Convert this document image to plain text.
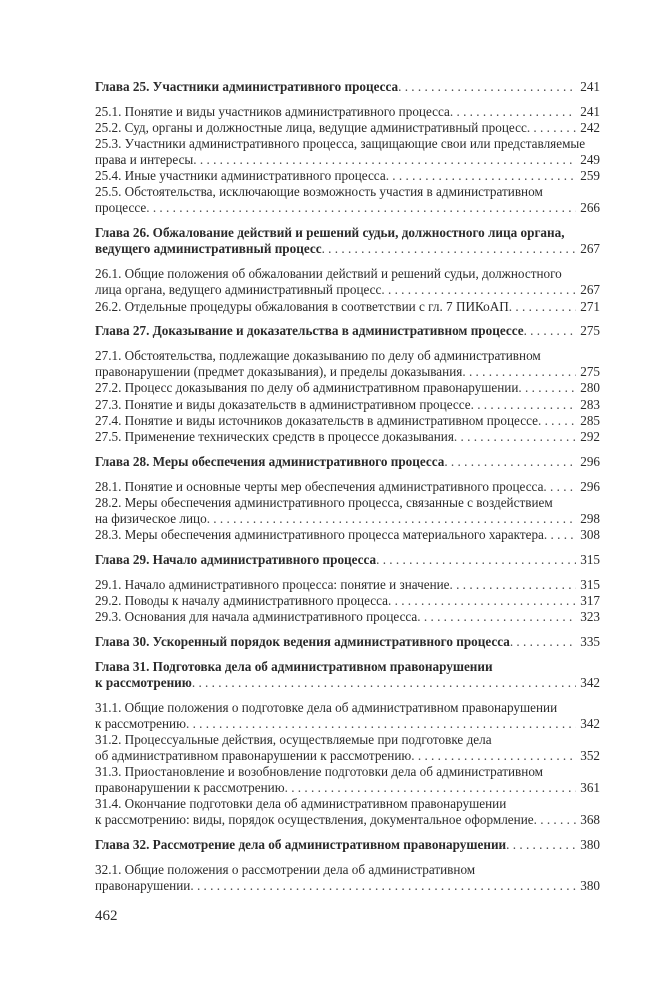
Глава 25. Участники административного процесса . . .	241
25.1. Понятие и виды участников административного процесса . . .	241
25.2. Суд, органы и должностные лица, ведущие административный процесс . . .	242
25.3. Участники административного процесса, защищающие свои или представляемые
права и интересы . . .	249
25.4. Иные участники административного процесса . . .	259
25.5. Обстоятельства, исключающие возможность участия в административном
процессе . . .	266
Глава 26. Обжалование действий и решений судьи, должностного лица органа,
ведущего административный процесс . . .	267
26.1. Общие положения об обжаловании действий и решений судьи, должностного
лица органа, ведущего административный процесс . . .	267
26.2. Отдельные процедуры обжалования в соответствии с гл. 7 ПИКоАП . . .	271
Глава 27. Доказывание и доказательства в административном процессе . . .	275
27.1. Обстоятельства, подлежащие доказыванию по делу об административном
правонарушении (предмет доказывания), и пределы доказывания . . .	275
27.2. Процесс доказывания по делу об административном правонарушении . . .	280
27.3. Понятие и виды доказательств в административном процессе . . .	283
27.4. Понятие и виды источников доказательств в административном процессе . . .	285
27.5. Применение технических средств в процессе доказывания . . .	292
Глава 28. Меры обеспечения административного процесса . . .	296
28.1. Понятие и основные черты мер обеспечения административного процесса . . .	296
28.2. Меры обеспечения административного процесса, связанные с воздействием
на физическое лицо . . .	298
28.3. Меры обеспечения административного процесса материального характера . . .	308
Глава 29. Начало административного процесса . . .	315
29.1. Начало административного процесса: понятие и значение . . .	315
29.2. Поводы к началу административного процесса . . .	317
29.3. Основания для начала административного процесса . . .	323
Глава 30. Ускоренный порядок ведения административного процесса . . .	335
Глава 31. Подготовка дела об административном правонарушении
к рассмотрению . . .	342
31.1. Общие положения о подготовке дела об административном правонарушении
к рассмотрению . . .	342
31.2. Процессуальные действия, осуществляемые при подготовке дела
об административном правонарушении к рассмотрению . . .	352
31.3. Приостановление и возобновление подготовки дела об административном
правонарушении к рассмотрению . . .	361
31.4. Окончание подготовки дела об административном правонарушении
к рассмотрению: виды, порядок осуществления, документальное оформление . . .	368
Глава 32. Рассмотрение дела об административном правонарушении . . .	380
32.1. Общие положения о рассмотрении дела об административном
правонарушении . . .	380
462
